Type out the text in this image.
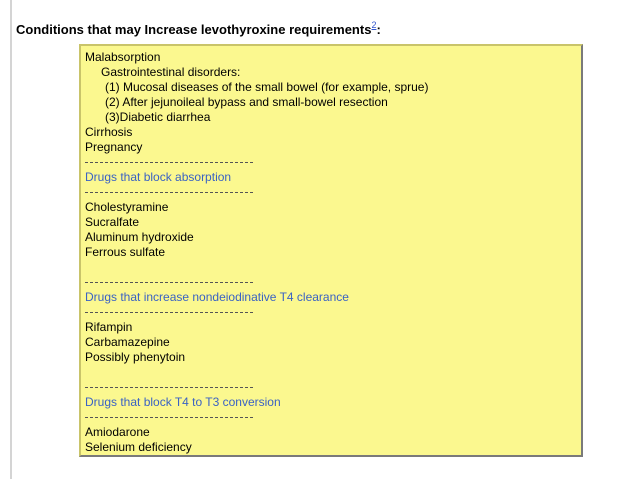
Conditions that may Increase levothyroxine requirements$^2$:
Malabsorption
Gastrointestinal disorders:
(1) Mucosal diseases of the small bowel (for example, sprue)
(2) After jejunoileal bypass and small-bowel resection
(3)Diabetic diarrhea
Cirrhosis
Pregnancy
Drugs that block absorption
Cholestyramine
Sucralfate
Aluminum hydroxide
Ferrous sulfate
Drugs that increase nondeiodinative T4 clearance
Rifampin
Carbamazepine
Possibly phenytoin
Drugs that block T4 to T3 conversion
Amiodarone
Selenium deficiency
